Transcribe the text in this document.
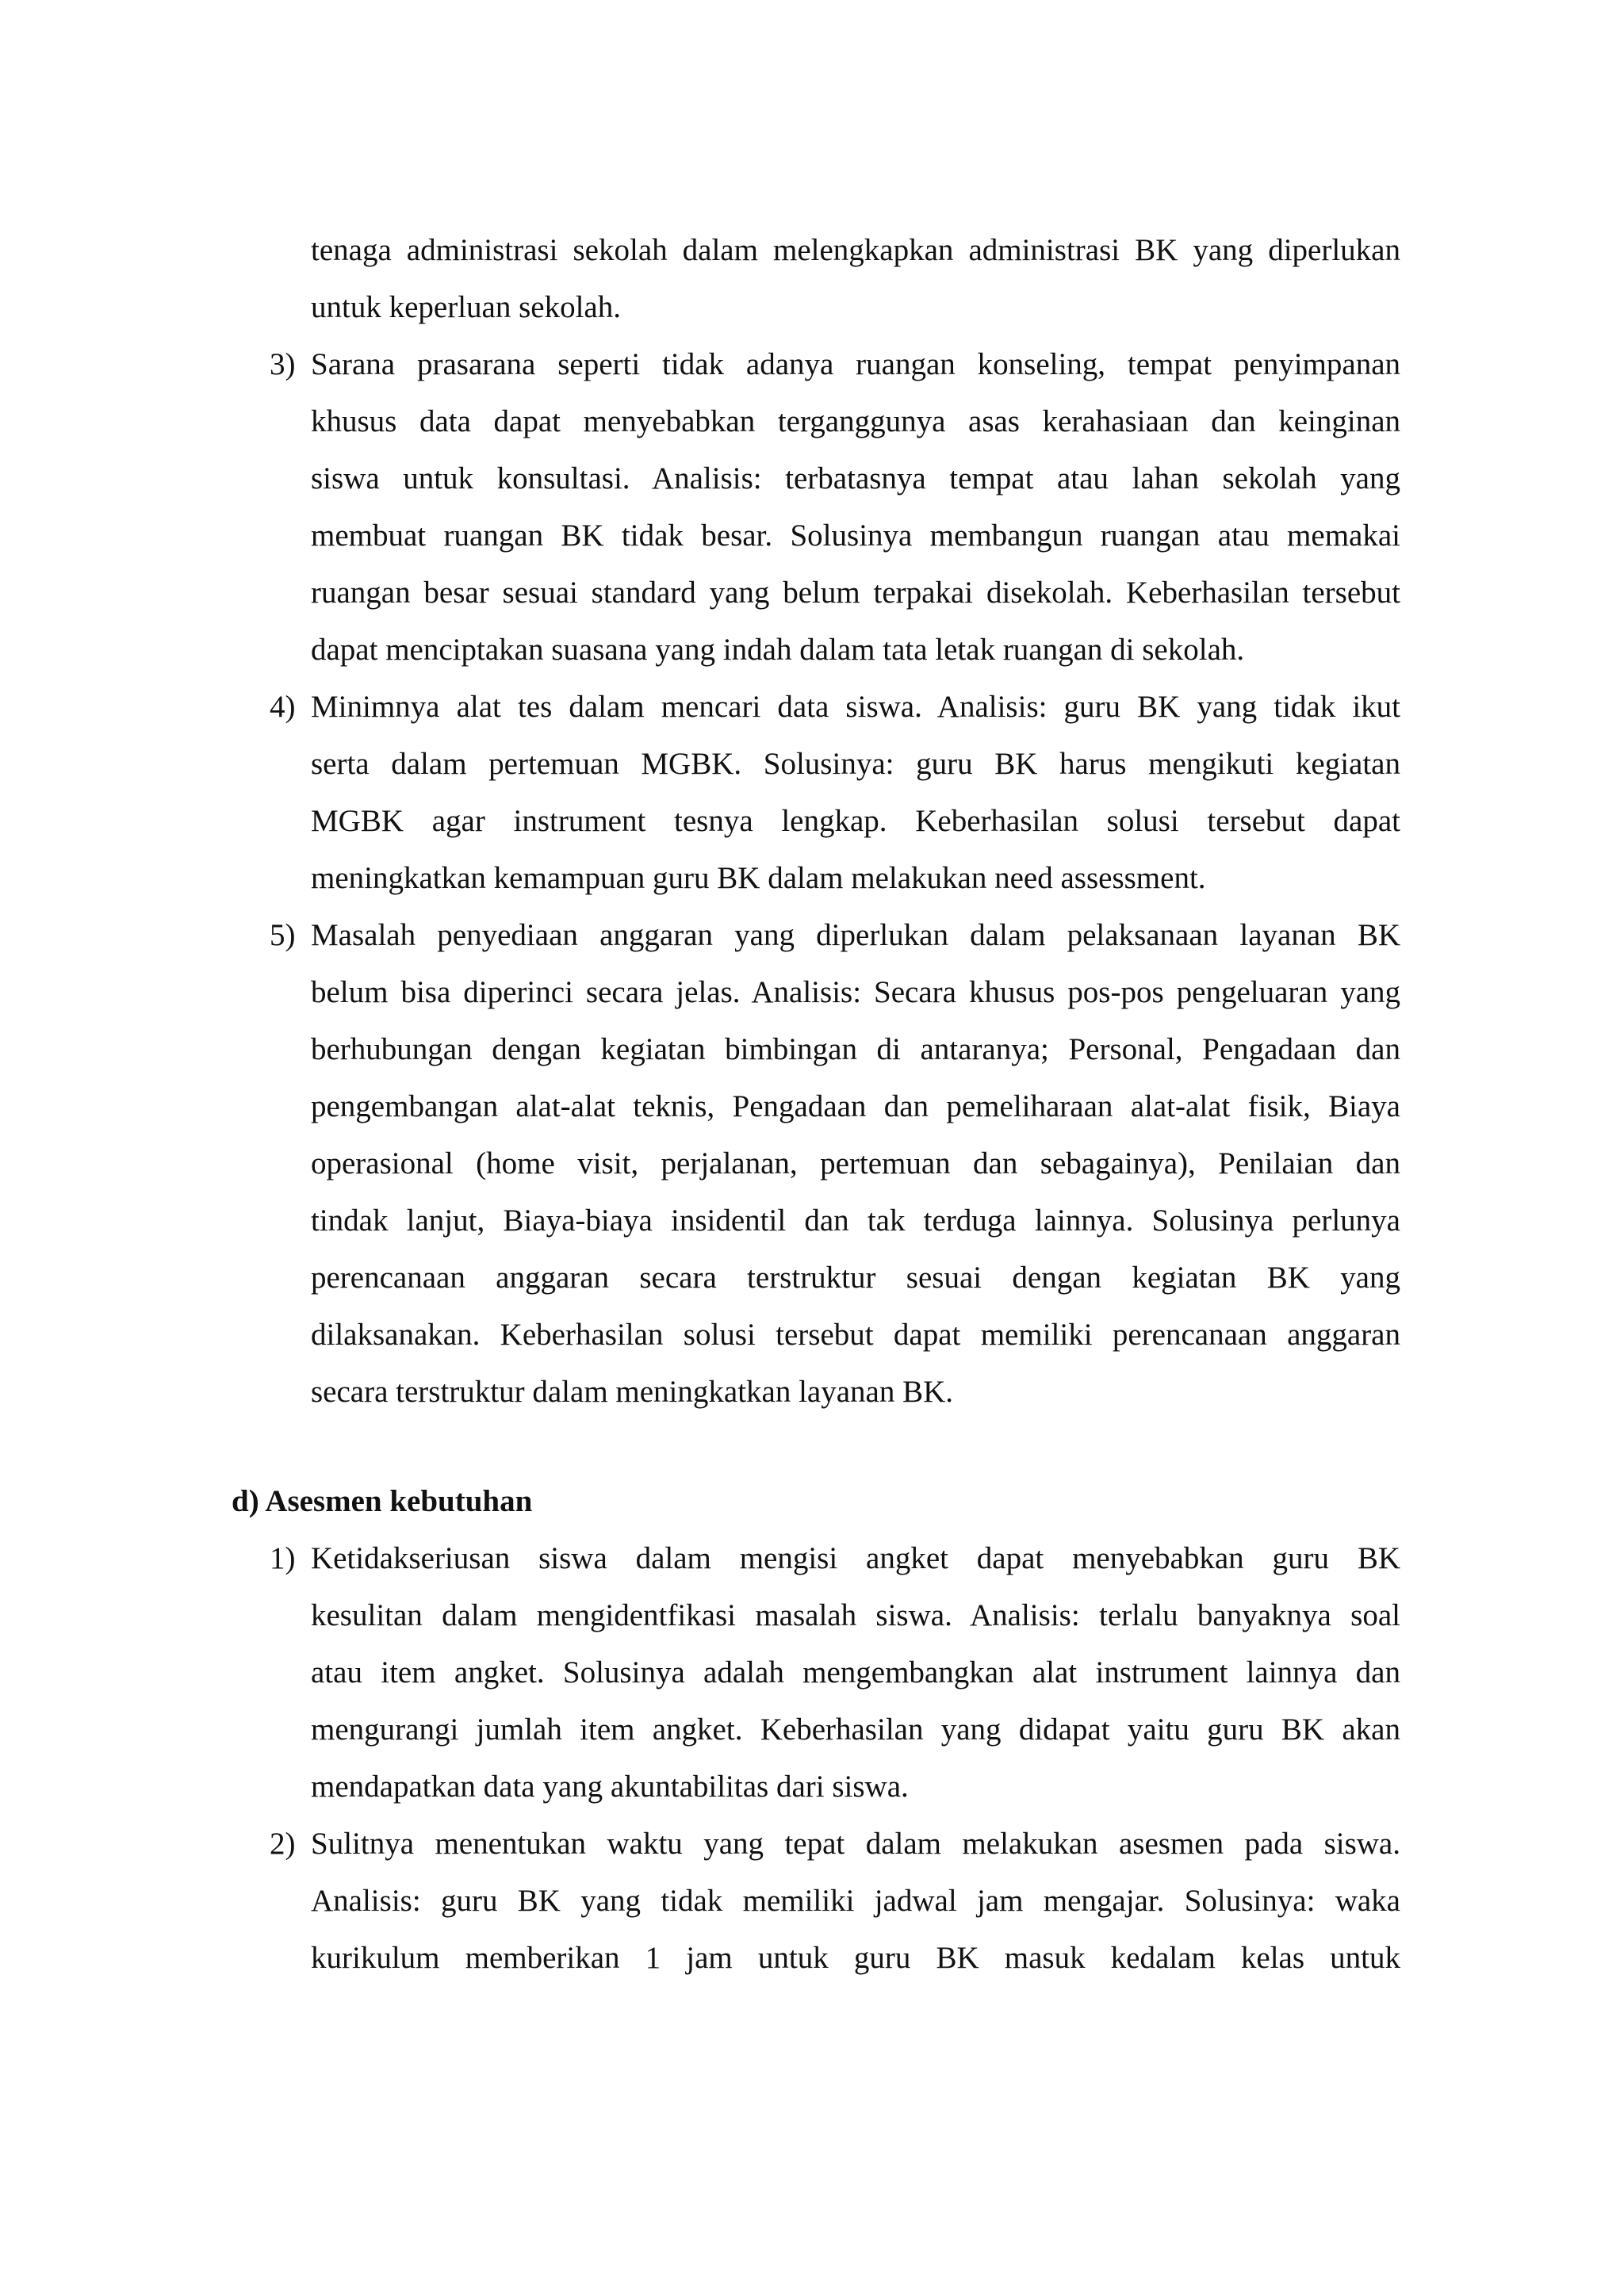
tenaga administrasi sekolah dalam melengkapkan administrasi BK yang diperlukan
untuk keperluan sekolah.
3) Sarana prasarana seperti tidak adanya ruangan konseling, tempat penyimpanan
khusus data dapat menyebabkan terganggunya asas kerahasiaan dan keinginan
siswa untuk konsultasi. Analisis: terbatasnya tempat atau lahan sekolah yang
membuat ruangan BK tidak besar. Solusinya membangun ruangan atau memakai
ruangan besar sesuai standard yang belum terpakai disekolah. Keberhasilan tersebut
dapat menciptakan suasana yang indah dalam tata letak ruangan di sekolah.
4) Minimnya alat tes dalam mencari data siswa. Analisis: guru BK yang tidak ikut
serta dalam pertemuan MGBK. Solusinya: guru BK harus mengikuti kegiatan
MGBK agar instrument tesnya lengkap. Keberhasilan solusi tersebut dapat
meningkatkan kemampuan guru BK dalam melakukan need assessment.
5) Masalah penyediaan anggaran yang diperlukan dalam pelaksanaan layanan BK
belum bisa diperinci secara jelas. Analisis: Secara khusus pos-pos pengeluaran yang
berhubungan dengan kegiatan bimbingan di antaranya; Personal, Pengadaan dan
pengembangan alat-alat teknis, Pengadaan dan pemeliharaan alat-alat fisik, Biaya
operasional (home visit, perjalanan, pertemuan dan sebagainya), Penilaian dan
tindak lanjut, Biaya-biaya insidentil dan tak terduga lainnya. Solusinya perlunya
perencanaan anggaran secara terstruktur sesuai dengan kegiatan BK yang
dilaksanakan. Keberhasilan solusi tersebut dapat memiliki perencanaan anggaran
secara terstruktur dalam meningkatkan layanan BK.
d) Asesmen kebutuhan
1) Ketidakseriusan siswa dalam mengisi angket dapat menyebabkan guru BK
kesulitan dalam mengidentfikasi masalah siswa. Analisis: terlalu banyaknya soal
atau item angket. Solusinya adalah mengembangkan alat instrument lainnya dan
mengurangi jumlah item angket. Keberhasilan yang didapat yaitu guru BK akan
mendapatkan data yang akuntabilitas dari siswa.
2) Sulitnya menentukan waktu yang tepat dalam melakukan asesmen pada siswa.
Analisis: guru BK yang tidak memiliki jadwal jam mengajar. Solusinya: waka
kurikulum memberikan 1 jam untuk guru BK masuk kedalam kelas untuk
